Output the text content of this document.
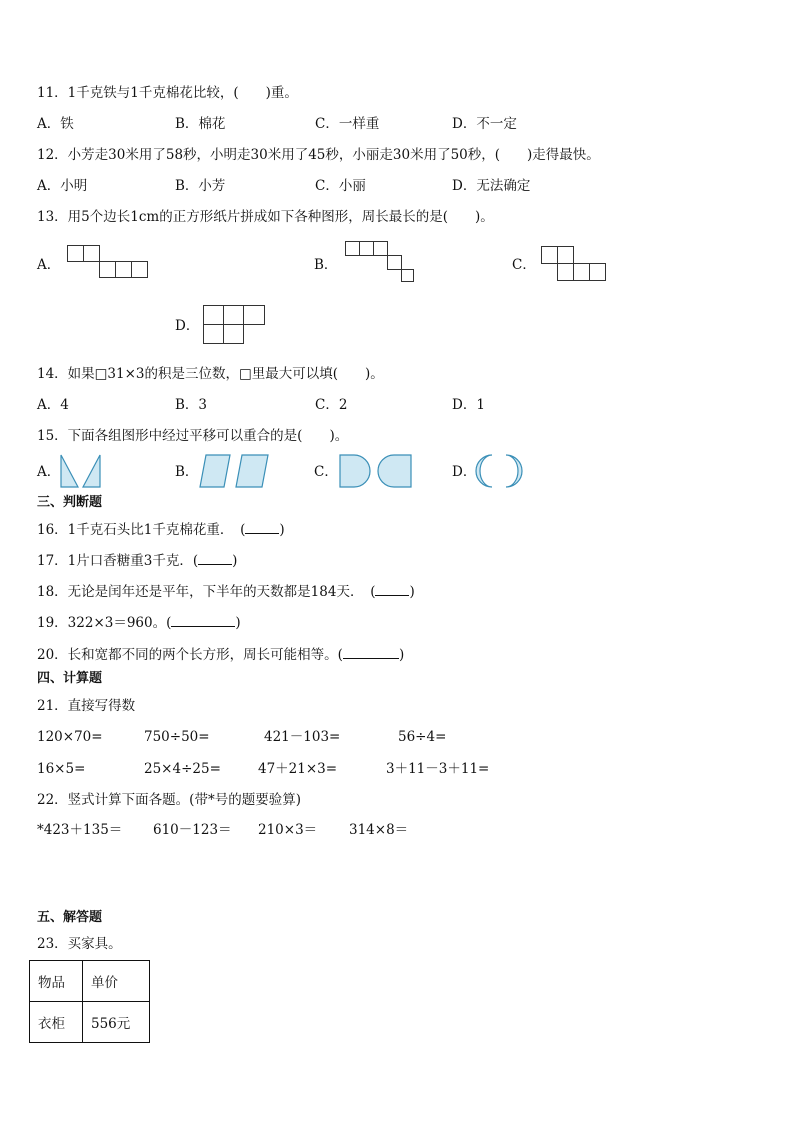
11．1千克铁与1千克棉花比较，(　　)重。
A．铁	B．棉花	C．一样重	D．不一定
12．小芳走30米用了58秒，小明走30米用了45秒，小丽走30米用了50秒，(　　)走得最快。
A．小明	B．小芳	C．小丽	D．无法确定
13．用5个边长1cm的正方形纸片拼成如下各种图形，周长最长的是(　　)。
A．	B．	C．
D．
14．如果□31×3的积是三位数，□里最大可以填(　　)。
A．4	B．3	C．2	D．1
15．下面各组图形中经过平移可以重合的是(　　)。
A．	B．	C．	D．
三、判断题
16．1千克石头比1千克棉花重．　(	)
17．1片口香糖重3千克．(	)
18．无论是闰年还是平年，下半年的天数都是184天．　(	)
19．322×3＝960。(	)
20．长和宽都不同的两个长方形，周长可能相等。(	)
四、计算题
21．直接写得数
120×70=	750÷50=	421－103=	56÷4=
16×5=	25×4÷25=	47＋21×3=	3＋11－3＋11=
22．竖式计算下面各题。(带*号的题要验算)
*423＋135＝ 610－123＝ 210×3＝ 314×8＝
五、解答题
23．买家具。
物品	单价
衣柜	556元
